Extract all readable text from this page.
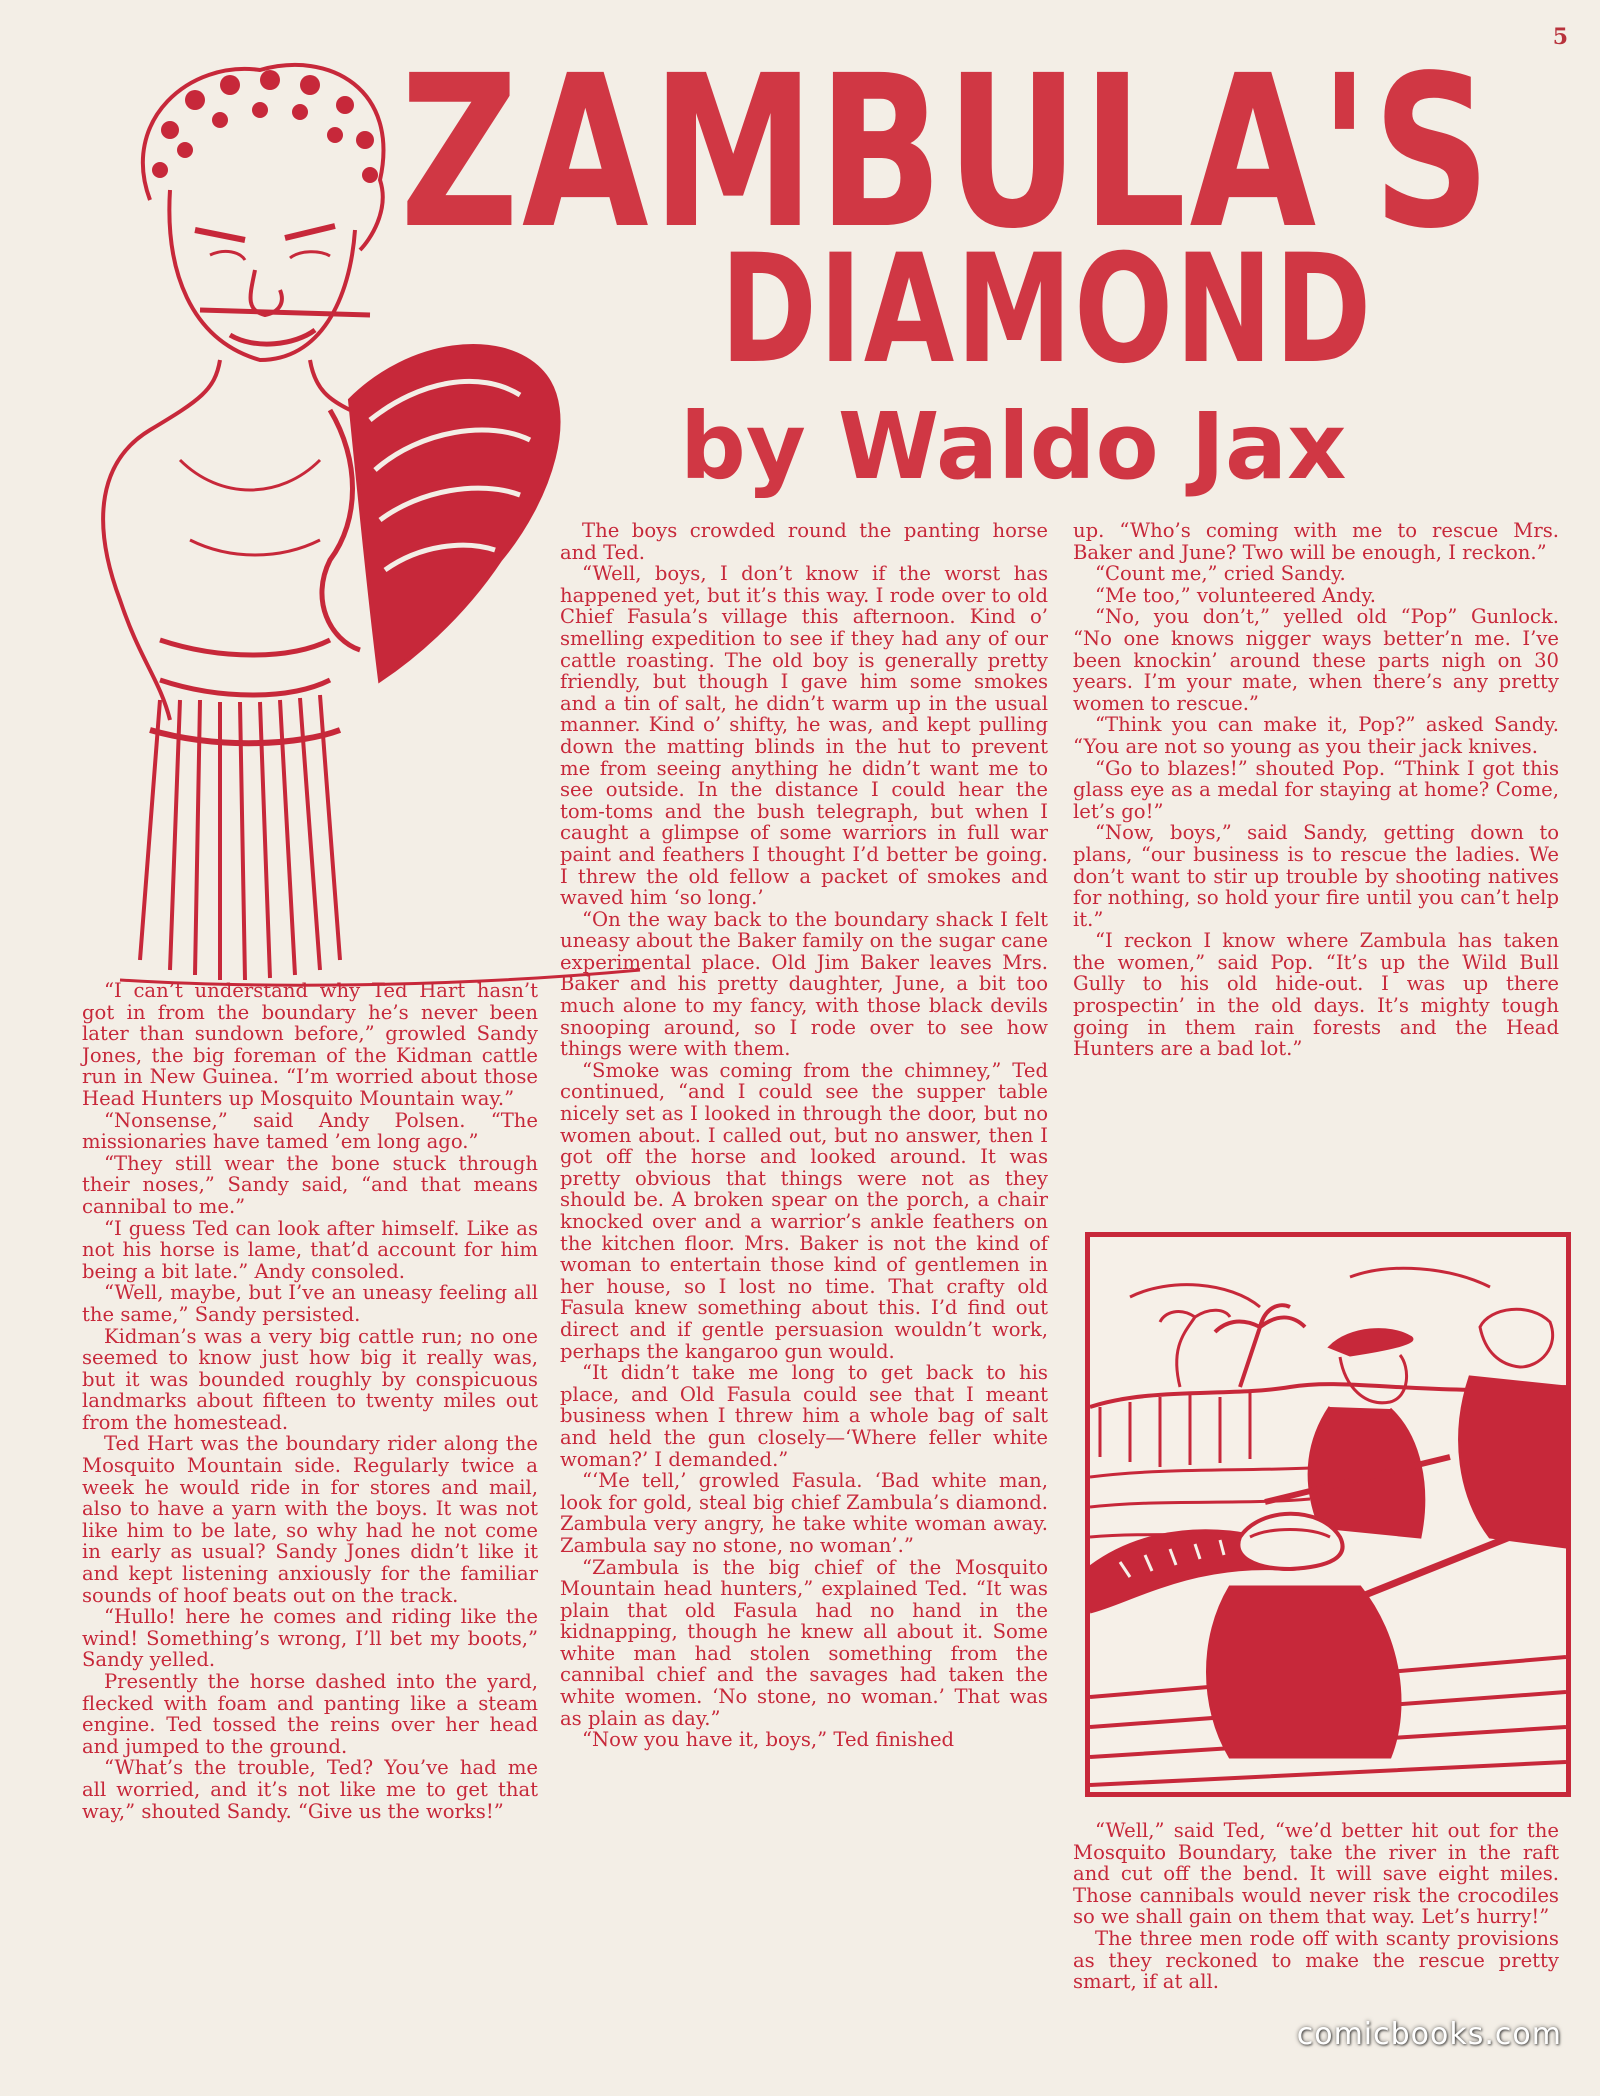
5
ZAMBULA'S
DIAMOND
by Waldo Jax

“I can’t understand why Ted Hart hasn’t got in from the boundary he’s never been later than sundown before,” growled Sandy Jones, the big foreman of the Kidman cattle run in New Guinea. “I’m worried about those Head Hunters up Mosquito Mountain way.”

“Nonsense,” said Andy Polsen. “The missionaries have tamed ’em long ago.”

“They still wear the bone stuck through their noses,” Sandy said, “and that means cannibal to me.”

“I guess Ted can look after himself. Like as not his horse is lame, that’d account for him being a bit late.” Andy consoled.

“Well, maybe, but I’ve an uneasy feeling all the same,” Sandy persisted.

Kidman’s was a very big cattle run; no one seemed to know just how big it really was, but it was bounded roughly by conspicuous landmarks about fifteen to twenty miles out from the homestead.

Ted Hart was the boundary rider along the Mosquito Mountain side. Regularly twice a week he would ride in for stores and mail, also to have a yarn with the boys. It was not like him to be late, so why had he not come in early as usual? Sandy Jones didn’t like it and kept listening anxiously for the familiar sounds of hoof beats out on the track.

“Hullo! here he comes and riding like the wind! Something’s wrong, I’ll bet my boots,” Sandy yelled.

Presently the horse dashed into the yard, flecked with foam and panting like a steam engine. Ted tossed the reins over her head and jumped to the ground.

“What’s the trouble, Ted? You’ve had me all worried, and it’s not like me to get that way,” shouted Sandy. “Give us the works!”

The boys crowded round the panting horse and Ted.

“Well, boys, I don’t know if the worst has happened yet, but it’s this way. I rode over to old Chief Fasula’s village this afternoon. Kind o’ smelling expedition to see if they had any of our cattle roasting. The old boy is generally pretty friendly, but though I gave him some smokes and a tin of salt, he didn’t warm up in the usual manner. Kind o’ shifty, he was, and kept pulling down the matting blinds in the hut to prevent me from seeing anything he didn’t want me to see outside. In the distance I could hear the tom-toms and the bush telegraph, but when I caught a glimpse of some warriors in full war paint and feathers I thought I’d better be going. I threw the old fellow a packet of smokes and waved him ‘so long.’

“On the way back to the boundary shack I felt uneasy about the Baker family on the sugar cane experimental place. Old Jim Baker leaves Mrs. Baker and his pretty daughter, June, a bit too much alone to my fancy, with those black devils snooping around, so I rode over to see how things were with them.

“Smoke was coming from the chimney,” Ted continued, “and I could see the supper table nicely set as I looked in through the door, but no women about. I called out, but no answer, then I got off the horse and looked around. It was pretty obvious that things were not as they should be. A broken spear on the porch, a chair knocked over and a warrior’s ankle feathers on the kitchen floor. Mrs. Baker is not the kind of woman to entertain those kind of gentlemen in her house, so I lost no time. That crafty old Fasula knew something about this. I’d find out direct and if gentle persuasion wouldn’t work, perhaps the kangaroo gun would.

“It didn’t take me long to get back to his place, and Old Fasula could see that I meant business when I threw him a whole bag of salt and held the gun closely—‘Where feller white woman?’ I demanded.”

“‘Me tell,’ growled Fasula. ‘Bad white man, look for gold, steal big chief Zambula’s diamond. Zambula very angry, he take white woman away. Zambula say no stone, no woman’.”

“Zambula is the big chief of the Mosquito Mountain head hunters,” explained Ted. “It was plain that old Fasula had no hand in the kidnapping, though he knew all about it. Some white man had stolen something from the cannibal chief and the savages had taken the white women. ‘No stone, no woman.’ That was as plain as day.”

“Now you have it, boys,” Ted finished

up. “Who’s coming with me to rescue Mrs. Baker and June? Two will be enough, I reckon.”

“Count me,” cried Sandy.

“Me too,” volunteered Andy.

“No, you don’t,” yelled old “Pop” Gunlock. “No one knows nigger ways better’n me. I’ve been knockin’ around these parts nigh on 30 years. I’m your mate, when there’s any pretty women to rescue.”

“Think you can make it, Pop?” asked Sandy. “You are not so young as you their jack knives.

“Go to blazes!” shouted Pop. “Think I got this glass eye as a medal for staying at home? Come, let’s go!”

“Now, boys,” said Sandy, getting down to plans, “our business is to rescue the ladies. We don’t want to stir up trouble by shooting natives for nothing, so hold your fire until you can’t help it.”

“I reckon I know where Zambula has taken the women,” said Pop. “It’s up the Wild Bull Gully to his old hide-out. I was up there prospectin’ in the old days. It’s mighty tough going in them rain forests and the Head Hunters are a bad lot.”

“Well,” said Ted, “we’d better hit out for the Mosquito Boundary, take the river in the raft and cut off the bend. It will save eight miles. Those cannibals would never risk the crocodiles so we shall gain on them that way. Let’s hurry!”

The three men rode off with scanty provisions as they reckoned to make the rescue pretty smart, if at all.

comicbooks.com
